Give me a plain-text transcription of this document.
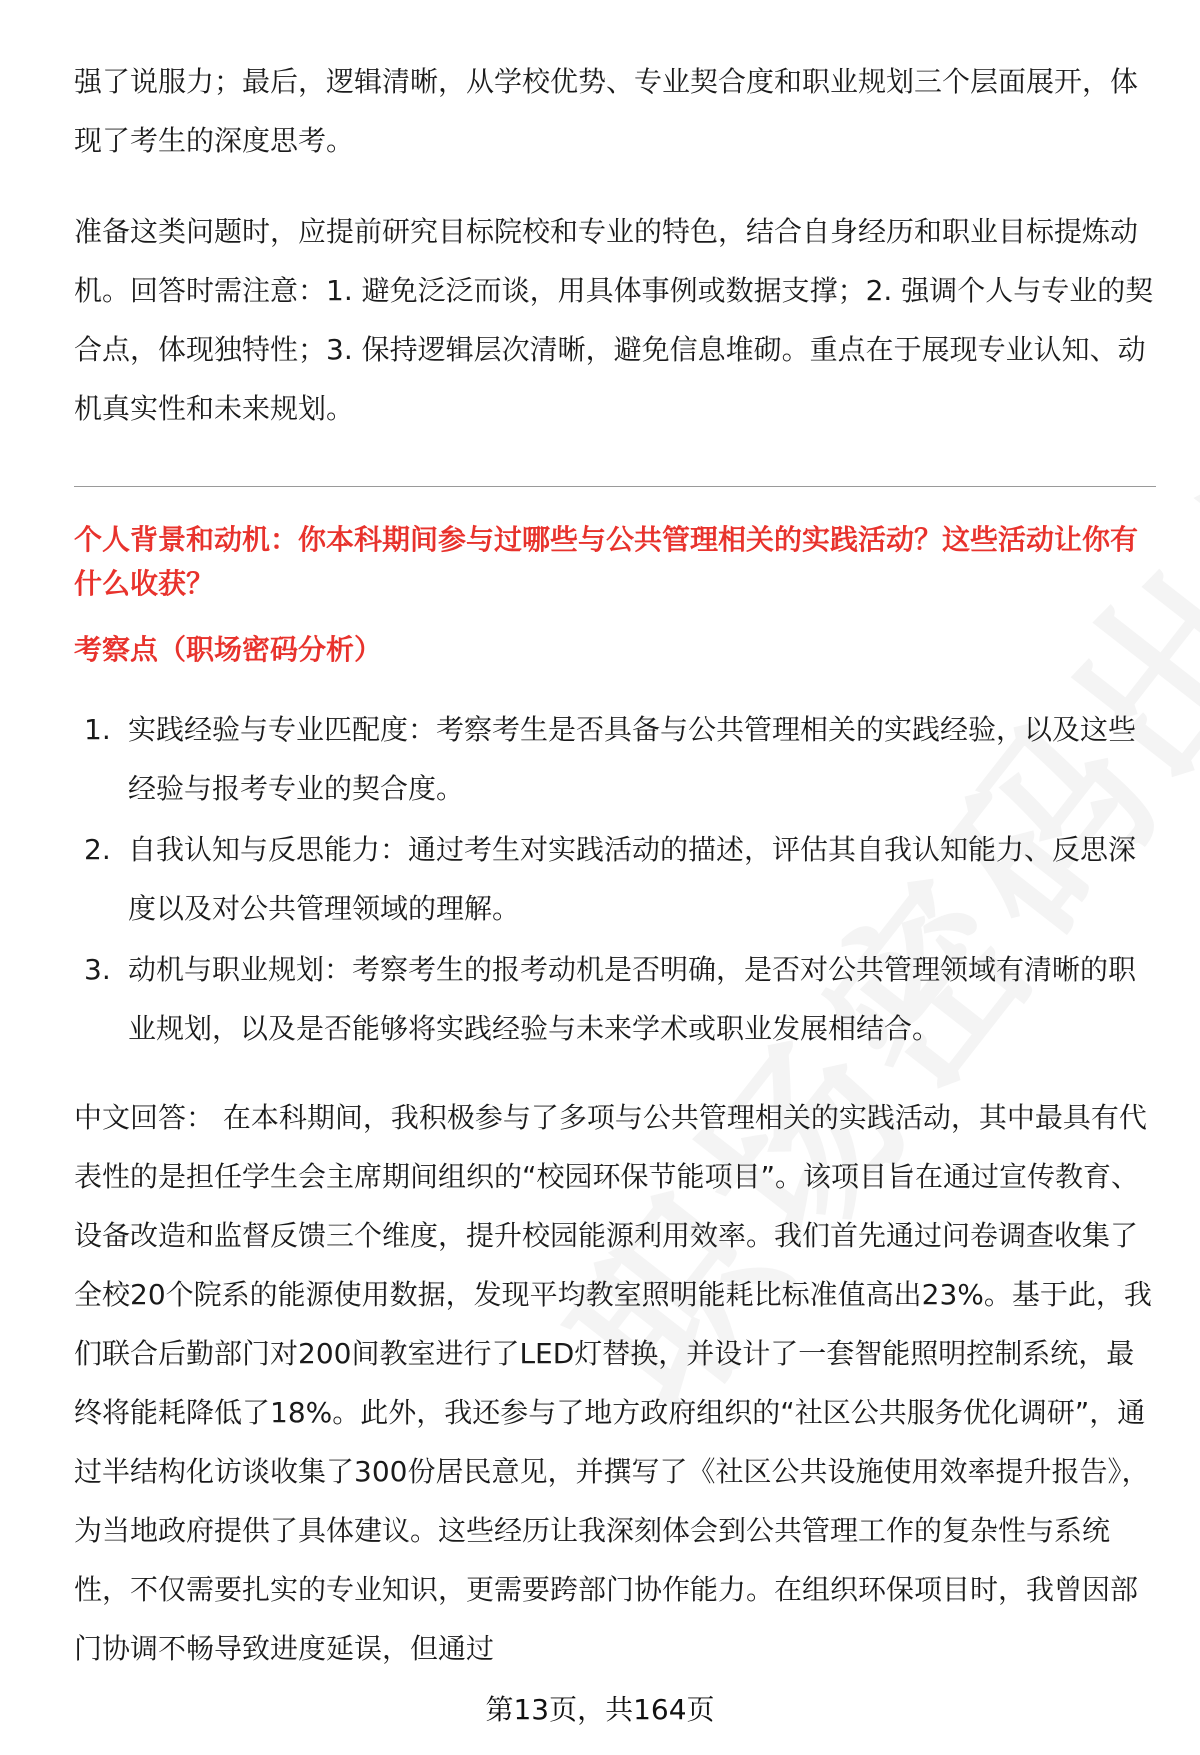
强了说服力；最后，逻辑清晰，从学校优势、专业契合度和职业规划三个层面展开，体现了考生的深度思考。

准备这类问题时，应提前研究目标院校和专业的特色，结合自身经历和职业目标提炼动机。回答时需注意：1. 避免泛泛而谈，用具体事例或数据支撑；2. 强调个人与专业的契合点，体现独特性；3. 保持逻辑层次清晰，避免信息堆砌。重点在于展现专业认知、动机真实性和未来规划。

个人背景和动机：你本科期间参与过哪些与公共管理相关的实践活动？这些活动让你有什么收获？
考察点（职场密码分析）
1. 实践经验与专业匹配度：考察考生是否具备与公共管理相关的实践经验，以及这些经验与报考专业的契合度。
2. 自我认知与反思能力：通过考生对实践活动的描述，评估其自我认知能力、反思深度以及对公共管理领域的理解。
3. 动机与职业规划：考察考生的报考动机是否明确，是否对公共管理领域有清晰的职业规划，以及是否能够将实践经验与未来学术或职业发展相结合。

中文回答： 在本科期间，我积极参与了多项与公共管理相关的实践活动，其中最具有代表性的是担任学生会主席期间组织的“校园环保节能项目”。该项目旨在通过宣传教育、设备改造和监督反馈三个维度，提升校园能源利用效率。我们首先通过问卷调查收集了全校20个院系的能源使用数据，发现平均教室照明能耗比标准值高出23%。基于此，我们联合后勤部门对200间教室进行了LED灯替换，并设计了一套智能照明控制系统，最终将能耗降低了18%。此外，我还参与了地方政府组织的“社区公共服务优化调研”，通过半结构化访谈收集了300份居民意见，并撰写了《社区公共设施使用效率提升报告》，为当地政府提供了具体建议。这些经历让我深刻体会到公共管理工作的复杂性与系统性，不仅需要扎实的专业知识，更需要跨部门协作能力。在组织环保项目时，我曾因部门协调不畅导致进度延误，但通过

第13页，共164页
